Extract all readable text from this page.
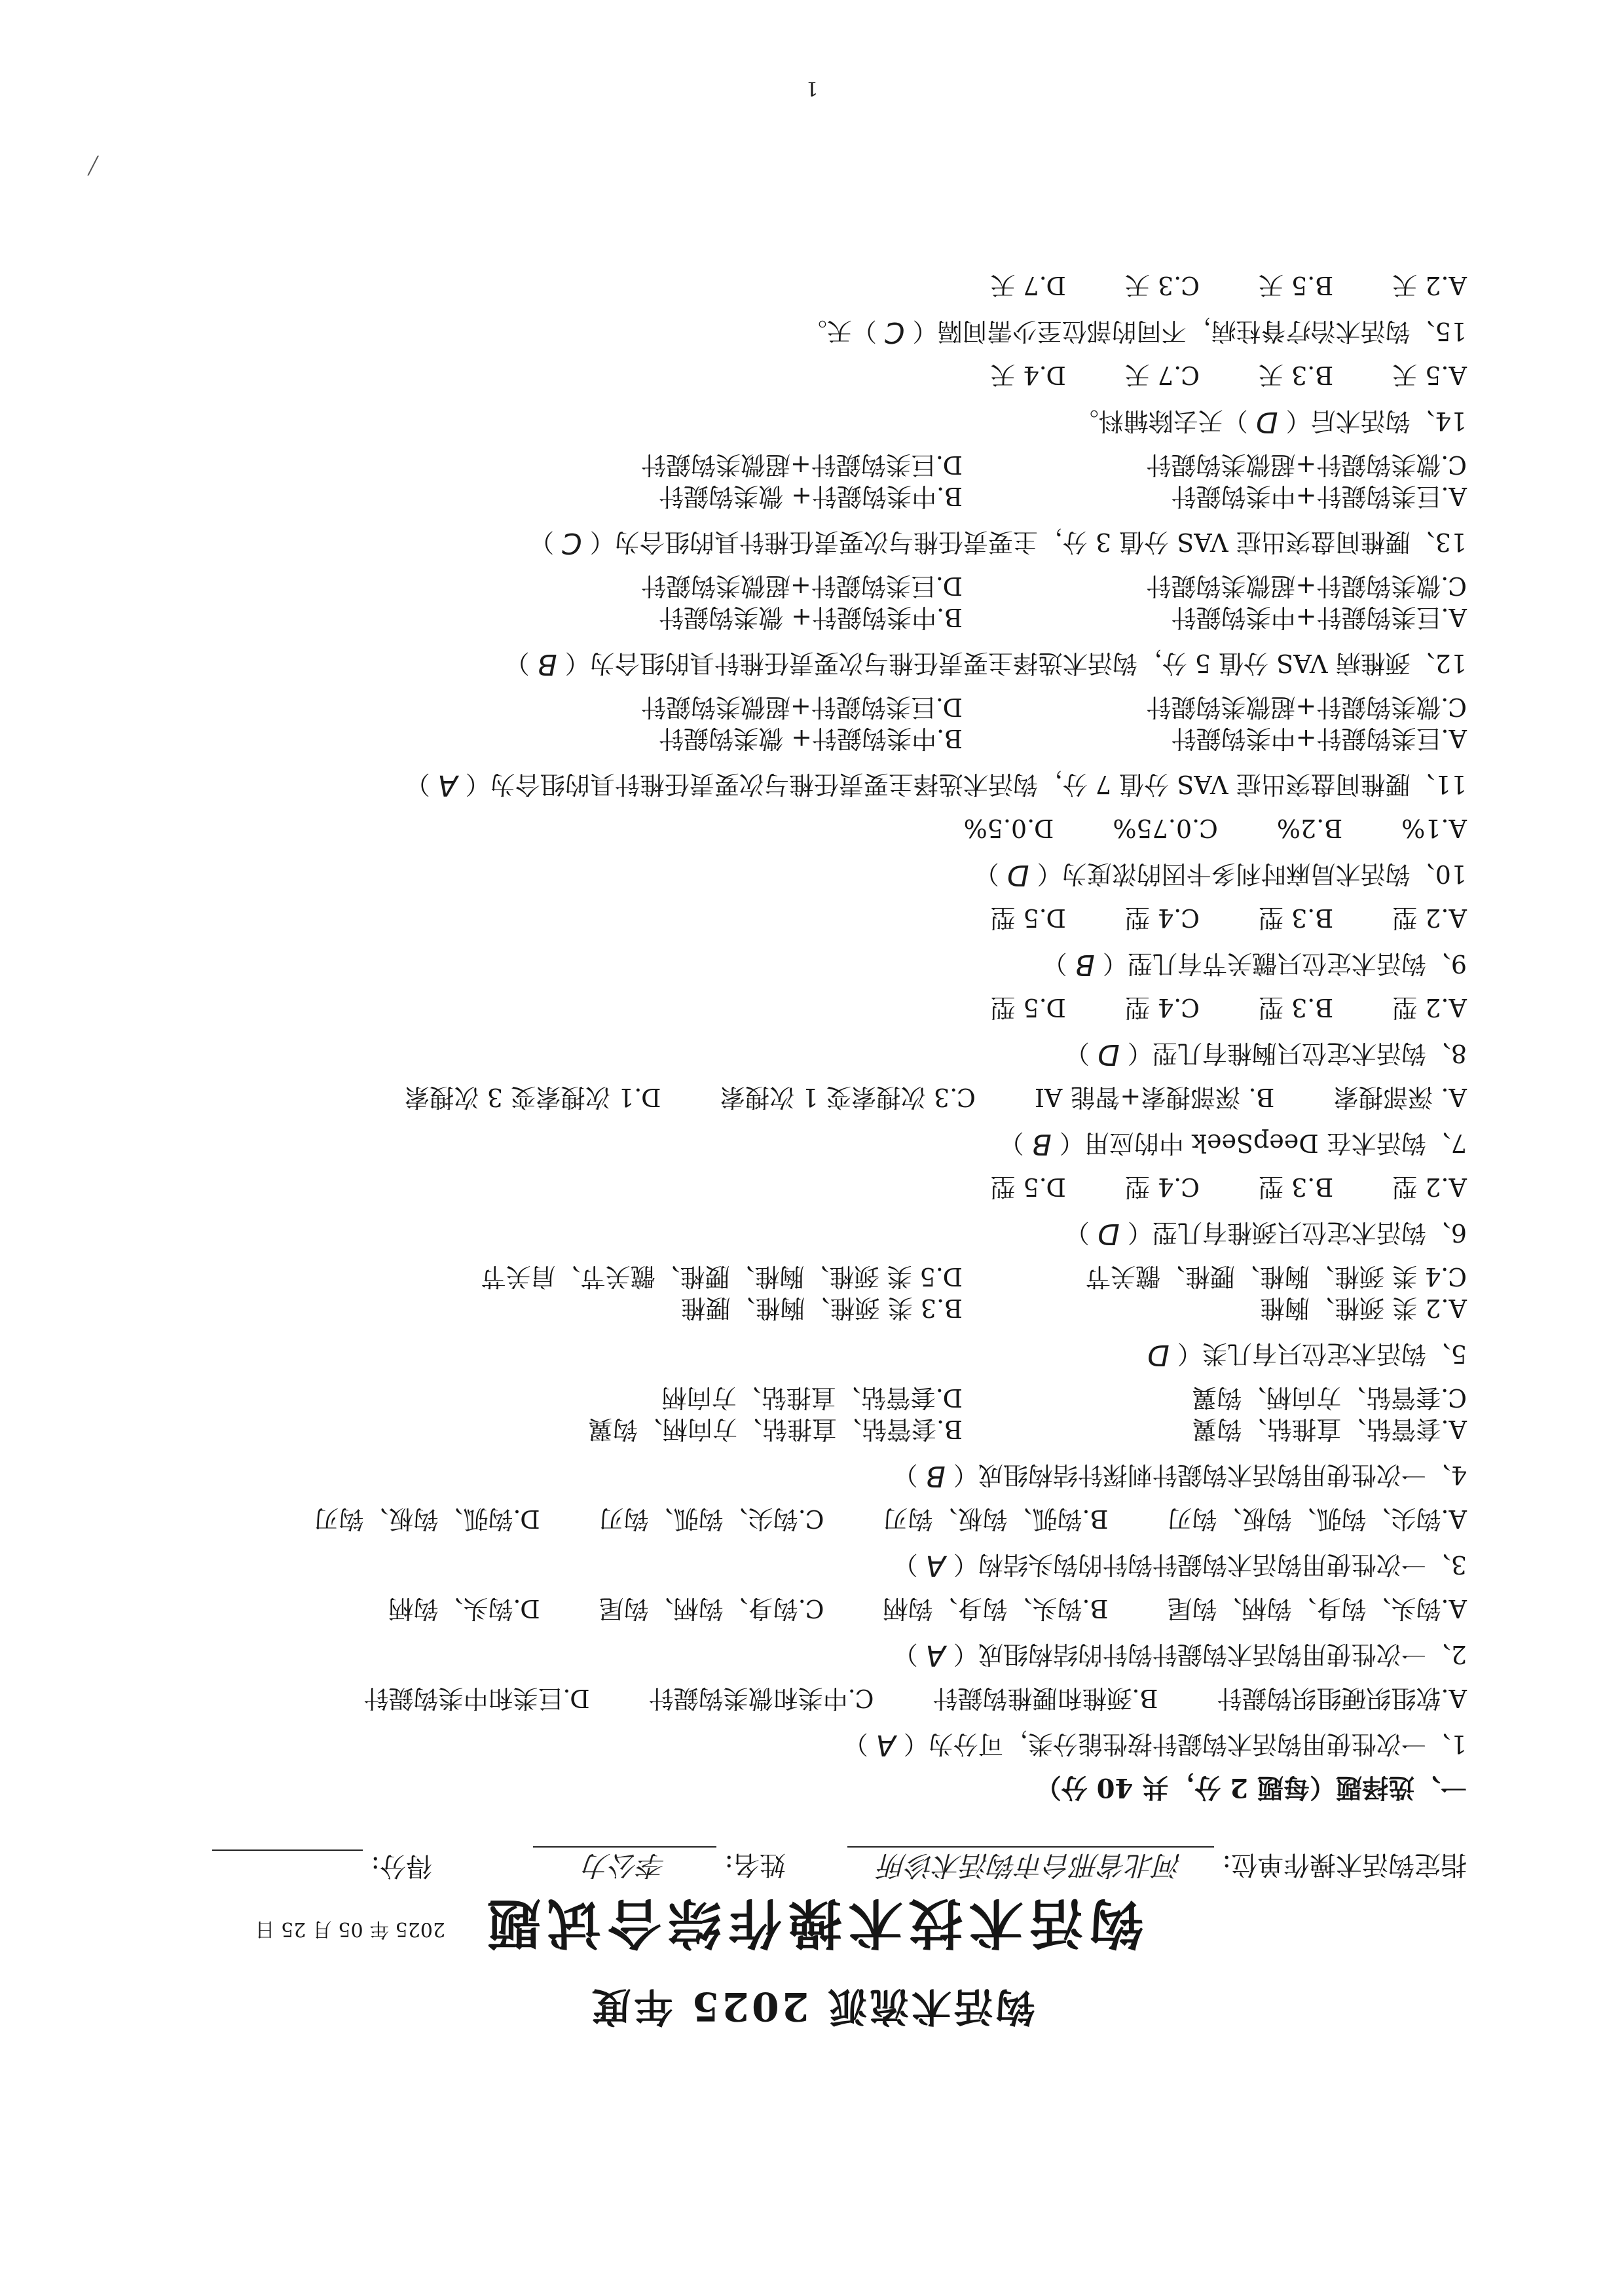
╱
钩活术流派 2025 年度
钩活术技术操作综合试题
2025 年 05 月 25 日
指定钩活术操作单位: 河北省邢台市钩活术诊所
姓名: 李公力
得分:
一、选择题（每题 2 分，共 40 分）
1、一次性使用钩活术钩鍉针按性能分类，可分为（A）
A.软组织硬组织钩鍉针
B.颈椎和腰椎钩鍉针
C.中类和微类钩鍉针
D.巨类和中类钩鍉针
2、一次性使用钩活术钩鍉针钩针的结构组成（A）
A.钩头、钩身、钩柄、钩尾
B.钩头、钩身、钩柄
C.钩身、钩柄、钩尾
D.钩头、钩柄
3、一次性使用钩活术钩鍉针钩针的钩头结构（A）
A.钩尖、钩弧、钩板、钩刃
B.钩弧、钩板、钩刃
C.钩尖、钩弧、钩刃
D.钩弧、钩板、钩刃
4、一次性使用钩活术钩鍉针刺探针结构组成（B）
A.套管钻、直推钻、钩翼
B.套管钻、直推钻、方向柄、钩翼
C.套管钻、方向柄、钩翼
D.套管钻、直推钻、方向柄
5、钩活术定位只有几类（D
A.2 类 颈椎、胸椎
B.3 类 颈椎、胸椎、腰椎
C.4 类 颈椎、胸椎、腰椎、髋关节
D.5 类 颈椎、胸椎、腰椎、髋关节、肩关节
6、钩活术定位只颈椎有几型（D）
A.2 型
B.3 型
C.4 型
D.5 型
7、钩活术在 DeepSeek 中的应用（B）
A. 深部搜索
B. 深部搜索+智能 AI
C.3 次搜索变 1 次搜索
D.1 次搜索变 3 次搜索
8、钩活术定位只胸椎有几型（D）
A.2 型
B.3 型
C.4 型
D.5 型
9、钩活术定位只髋关节有几型（B）
A.2 型
B.3 型
C.4 型
D.5 型
10、钩活术局麻时利多卡因的浓度为（D）
A.1%
B.2%
C.0.75%
D.0.5%
11、腰椎间盘突出症 VAS 分值 7 分，钩活术选择主要责任椎与次要责任椎针具的组合为（A）
A.巨类钩鍉针+中类钩鍉针
B.中类钩鍉针+ 微类钩鍉针
C.微类钩鍉针+超微类钩鍉针
D.巨类钩鍉针+超微类钩鍉针
12、颈椎病 VAS 分值 5 分，钩活术选择主要责任椎与次要责任椎针具的组合为（B）
A.巨类钩鍉针+中类钩鍉针
B.中类钩鍉针+ 微类钩鍉针
C.微类钩鍉针+超微类钩鍉针
D.巨类钩鍉针+超微类钩鍉针
13、腰椎间盘突出症 VAS 分值 3 分，主要责任椎与次要责任椎针具的组合为（C）
A.巨类钩鍉针+中类钩鍉针
B.中类钩鍉针+ 微类钩鍉针
C.微类钩鍉针+超微类钩鍉针
D.巨类钩鍉针+超微类钩鍉针
14、钩活术后（D）天去除辅料。
A.5 天
B.3 天
C.7 天
D.4 天
15、钩活术治疗脊柱病，不同的部位至少需间隔（C）天。
A.2 天
B.5 天
C.3 天
D.7 天
1
